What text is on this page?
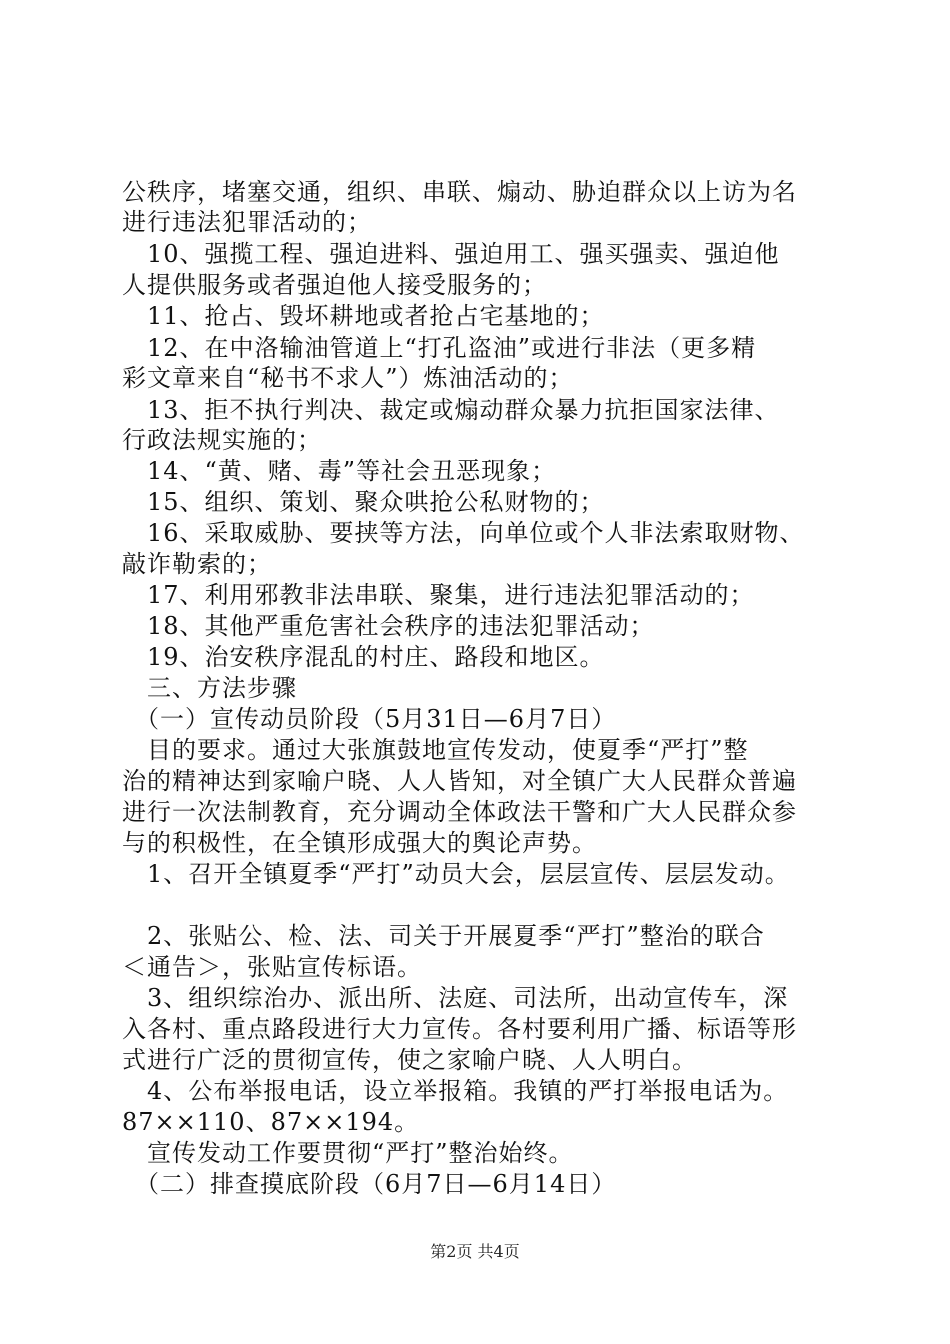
公秩序，堵塞交通，组织、串联、煽动、胁迫群众以上访为名
进行违法犯罪活动的；
　10、强揽工程、强迫进料、强迫用工、强买强卖、强迫他
人提供服务或者强迫他人接受服务的；
　11、抢占、毁坏耕地或者抢占宅基地的；
　12、在中洛输油管道上“打孔盗油”或进行非法（更多精
彩文章来自“秘书不求人”）炼油活动的；
　13、拒不执行判决、裁定或煽动群众暴力抗拒国家法律、
行政法规实施的；
　14、“黄、赌、毒”等社会丑恶现象；
　15、组织、策划、聚众哄抢公私财物的；
　16、采取威胁、要挟等方法，向单位或个人非法索取财物、
敲诈勒索的；
　17、利用邪教非法串联、聚集，进行违法犯罪活动的；
　18、其他严重危害社会秩序的违法犯罪活动；
　19、治安秩序混乱的村庄、路段和地区。
　三、方法步骤
　（一）宣传动员阶段（5月31日—6月7日）
　目的要求。通过大张旗鼓地宣传发动，使夏季“严打”整
治的精神达到家喻户晓、人人皆知，对全镇广大人民群众普遍
进行一次法制教育，充分调动全体政法干警和广大人民群众参
与的积极性，在全镇形成强大的舆论声势。
　1、召开全镇夏季“严打”动员大会，层层宣传、层层发动。
　2、张贴公、检、法、司关于开展夏季“严打”整治的联合
＜通告＞，张贴宣传标语。
　3、组织综治办、派出所、法庭、司法所，出动宣传车，深
入各村、重点路段进行大力宣传。各村要利用广播、标语等形
式进行广泛的贯彻宣传，使之家喻户晓、人人明白。
　4、公布举报电话，设立举报箱。我镇的严打举报电话为。
87××110、87××194。
　宣传发动工作要贯彻“严打”整治始终。
　（二）排查摸底阶段（6月7日—6月14日）
第2页 共4页
